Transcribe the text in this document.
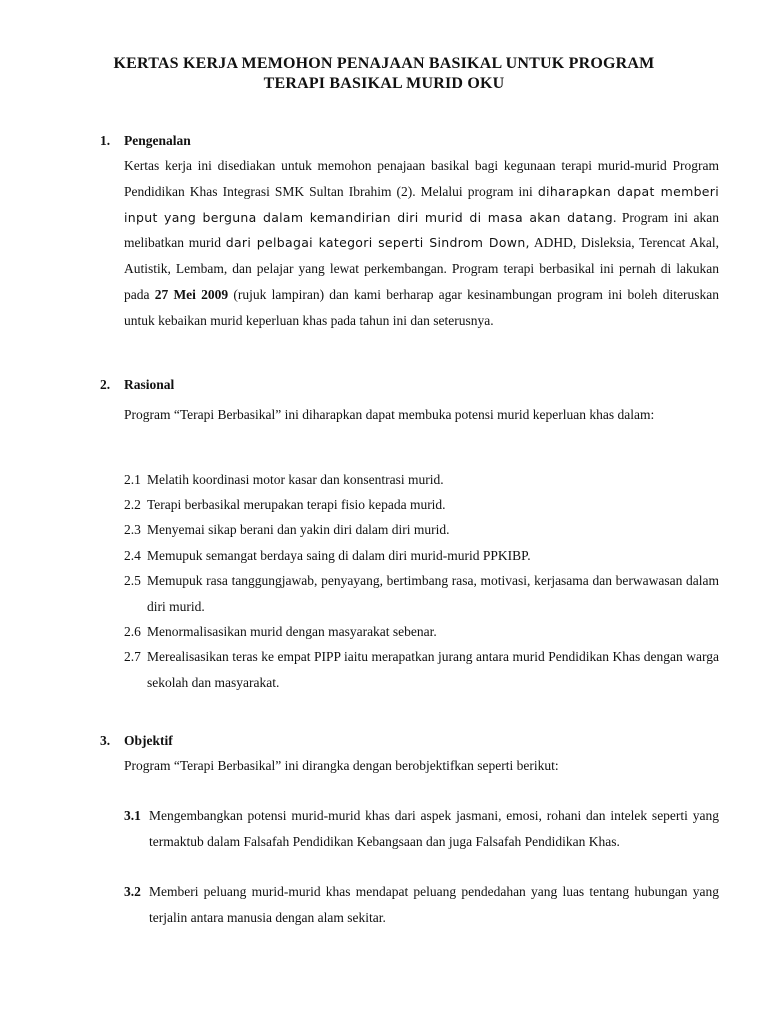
KERTAS KERJA MEMOHON PENAJAAN BASIKAL UNTUK PROGRAM
TERAPI BASIKAL MURID OKU
1. Pengenalan
Kertas kerja ini disediakan untuk memohon penajaan basikal bagi kegunaan terapi murid-murid Program Pendidikan Khas Integrasi SMK Sultan Ibrahim (2). Melalui program ini diharapkan dapat memberi input yang berguna dalam kemandirian diri murid di masa akan datang. Program ini akan melibatkan murid dari pelbagai kategori seperti Sindrom Down, ADHD, Disleksia, Terencat Akal, Autistik, Lembam, dan pelajar yang lewat perkembangan. Program terapi berbasikal ini pernah di lakukan pada 27 Mei 2009 (rujuk lampiran) dan kami berharap agar kesinambungan program ini boleh diteruskan untuk kebaikan murid keperluan khas pada tahun ini dan seterusnya.
2. Rasional
Program “Terapi Berbasikal” ini diharapkan dapat membuka potensi murid keperluan khas dalam:
2.1 Melatih koordinasi motor kasar dan konsentrasi murid.
2.2 Terapi berbasikal merupakan terapi fisio kepada murid.
2.3 Menyemai sikap berani dan yakin diri dalam diri murid.
2.4 Memupuk semangat berdaya saing di dalam diri murid-murid PPKIBP.
2.5 Memupuk rasa tanggungjawab, penyayang, bertimbang rasa, motivasi, kerjasama dan berwawasan dalam diri murid.
2.6 Menormalisasikan murid dengan masyarakat sebenar.
2.7 Merealisasikan teras ke empat PIPP iaitu merapatkan jurang antara murid Pendidikan Khas dengan warga sekolah dan masyarakat.
3. Objektif
Program “Terapi Berbasikal” ini dirangka dengan berobjektifkan seperti berikut:
3.1 Mengembangkan potensi murid-murid khas dari aspek jasmani, emosi, rohani dan intelek seperti yang termaktub dalam Falsafah Pendidikan Kebangsaan dan juga Falsafah Pendidikan Khas.
3.2 Memberi peluang murid-murid khas mendapat peluang pendedahan yang luas tentang hubungan yang terjalin antara manusia dengan alam sekitar.
